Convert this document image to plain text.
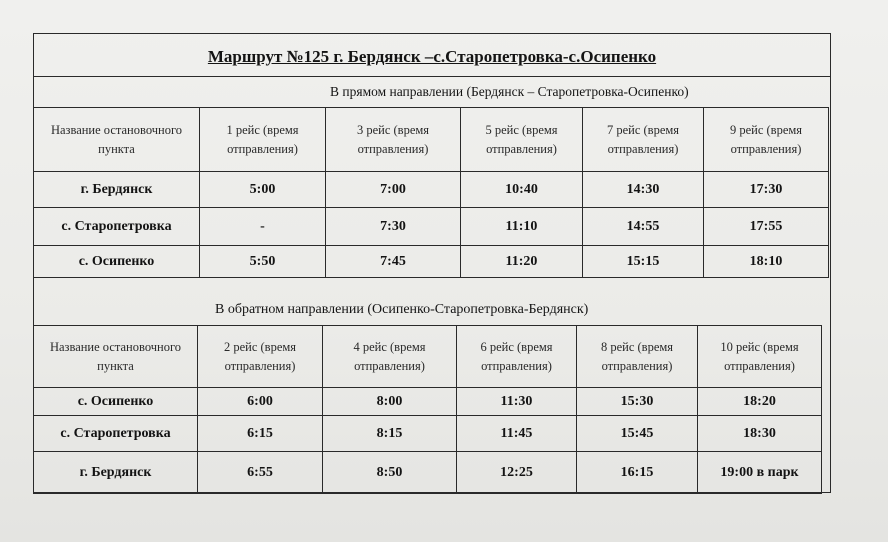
Маршрут №125 г. Бердянск –с.Старопетровка-с.Осипенко
В прямом направлении (Бердянск – Старопетровка-Осипенко)
Название остановочного пункта	1 рейс (время отправления)	3 рейс (время отправления)	5 рейс (время отправления)	7 рейс (время отправления)	9 рейс (время отправления)
г. Бердянск	5:00	7:00	10:40	14:30	17:30
с. Старопетровка	-	7:30	11:10	14:55	17:55
с. Осипенко	5:50	7:45	11:20	15:15	18:10
В обратном направлении (Осипенко-Старопетровка-Бердянск)
Название остановочного пункта	2 рейс (время отправления)	4 рейс (время отправления)	6 рейс (время отправления)	8 рейс (время отправления)	10 рейс (время отправления)
с. Осипенко	6:00	8:00	11:30	15:30	18:20
с. Старопетровка	6:15	8:15	11:45	15:45	18:30
г. Бердянск	6:55	8:50	12:25	16:15	19:00 в парк
